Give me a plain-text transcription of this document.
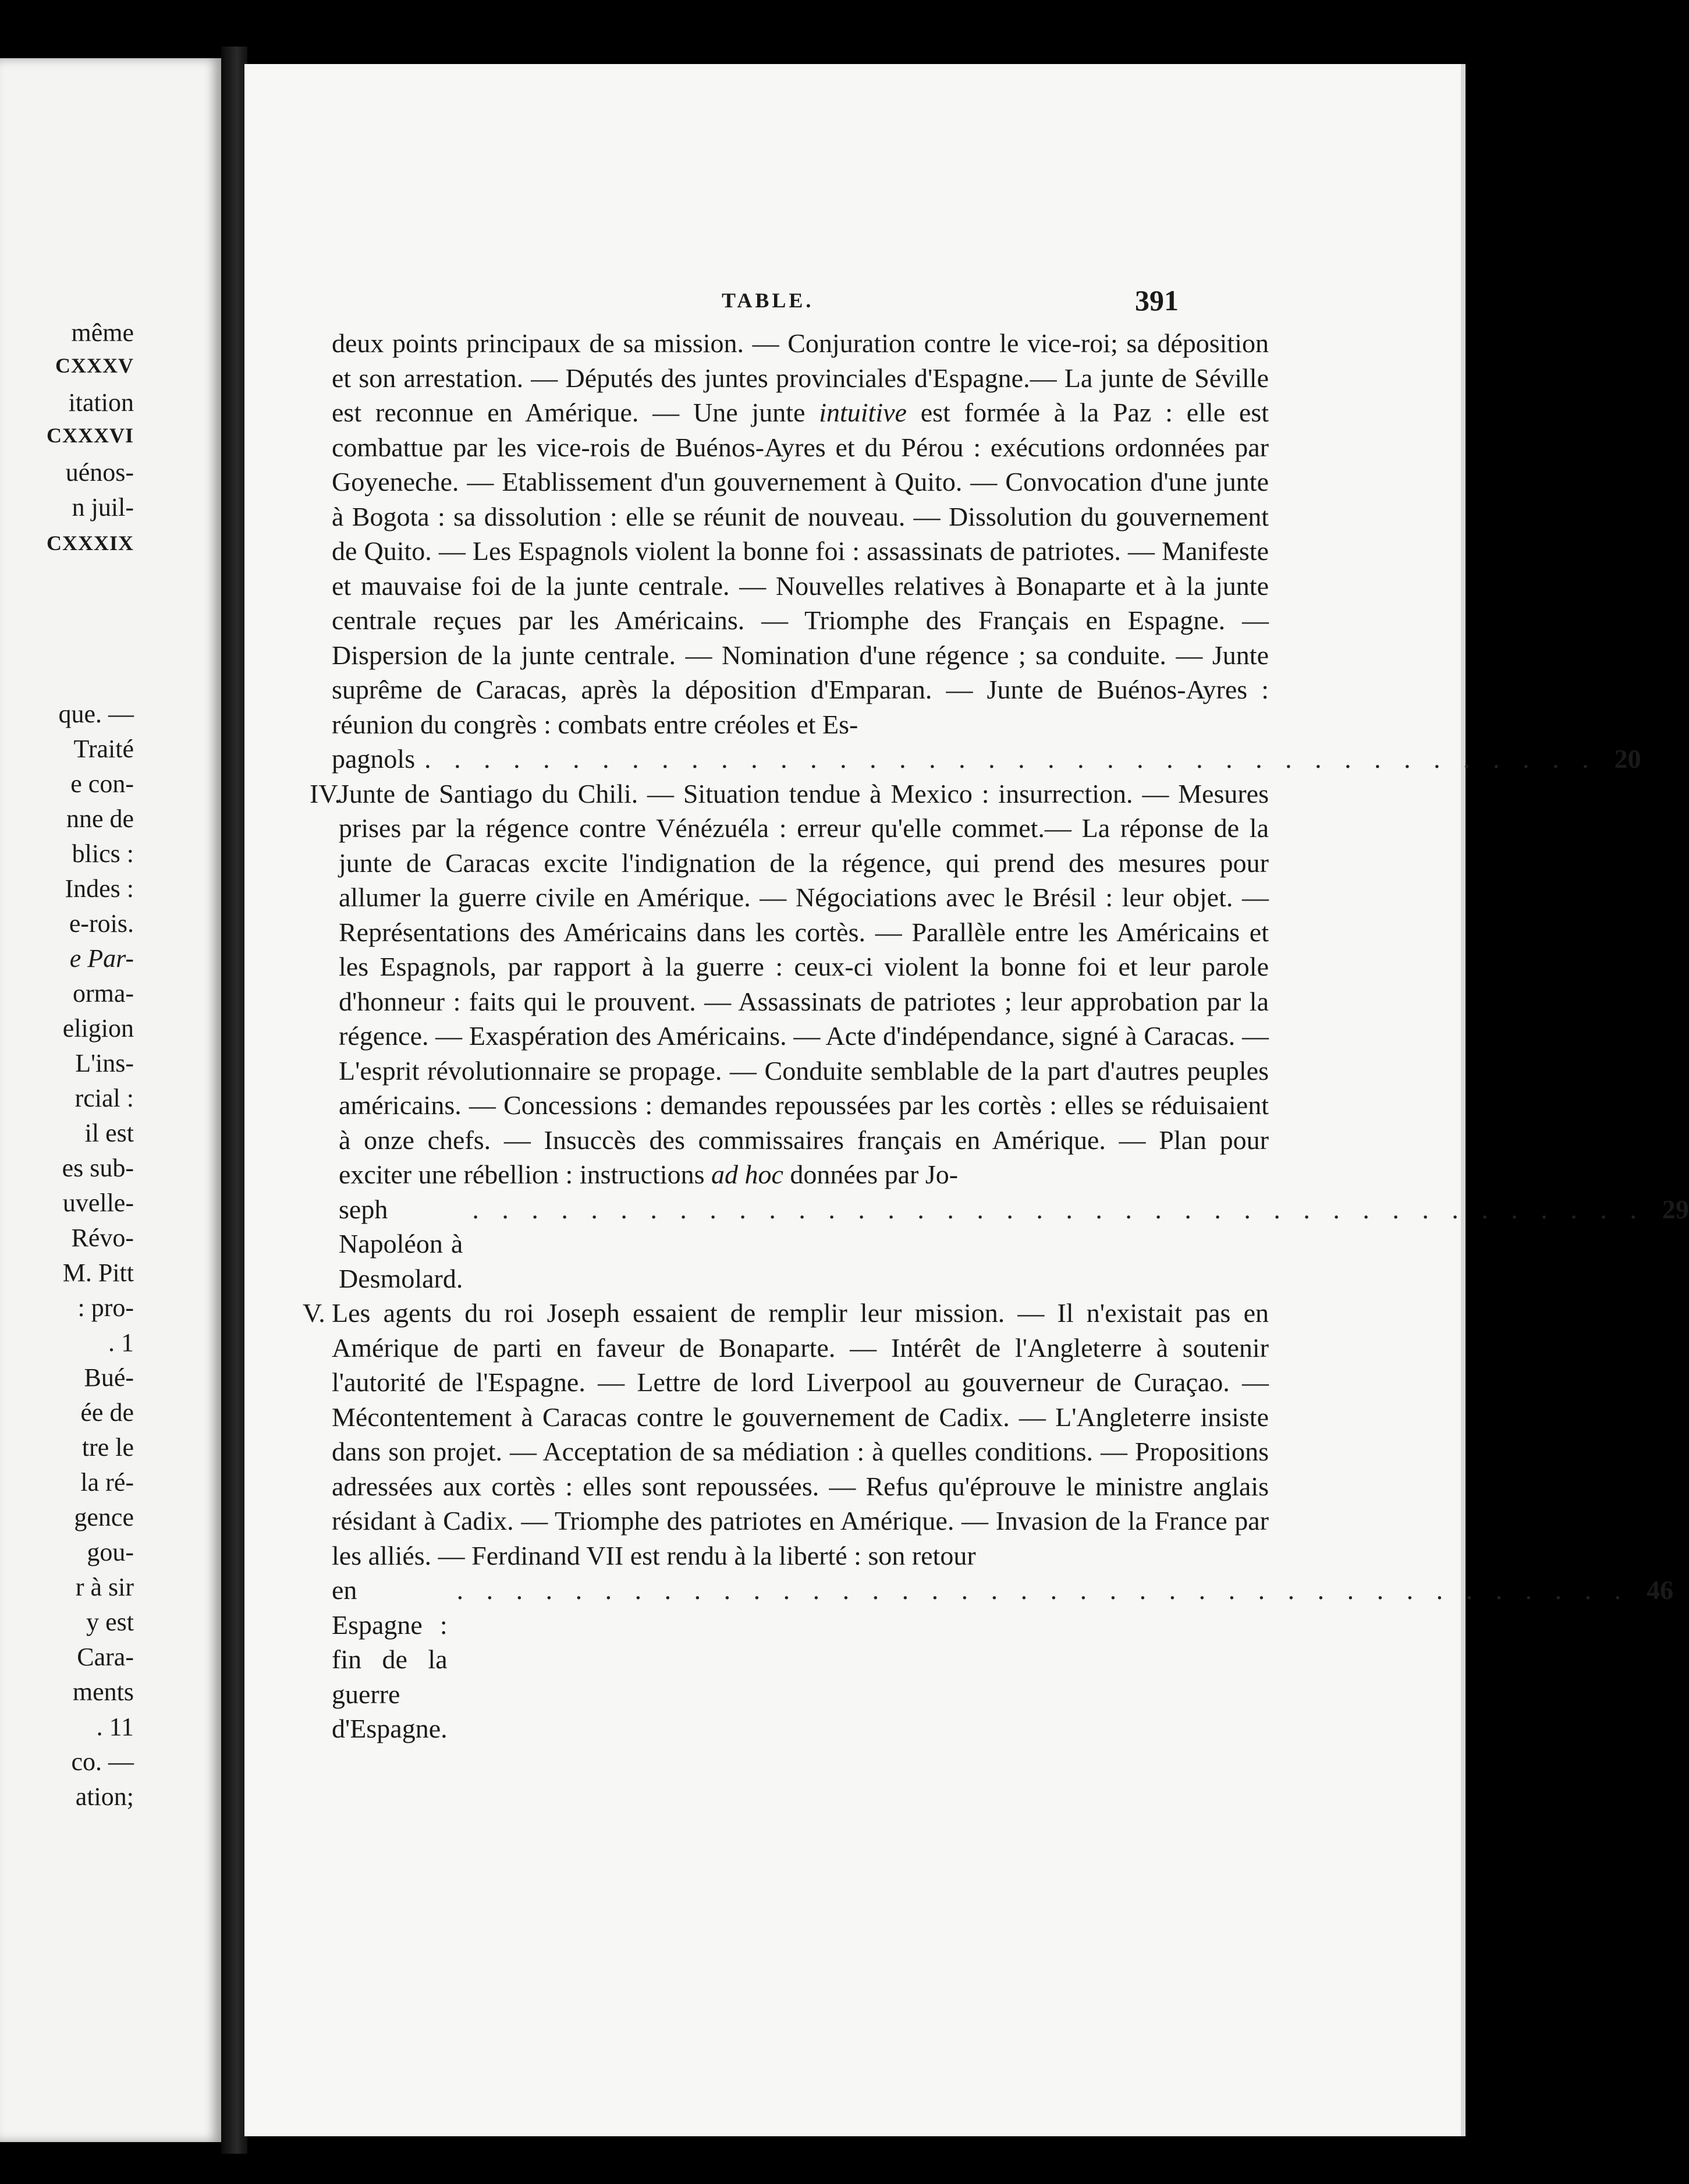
même
CXXXV
itation
CXXXVI
uénos-
n juil-
CXXXIX
que. —
Traité
e con-
nne de
blics :
Indes :
e-rois.
e Par-
orma-
eligion
L'ins-
rcial :
il est
es sub-
uvelle-
Révo-
M. Pitt
: pro-
. 1
Bué-
ée de
tre le
la ré-
gence
gou-
r à sir
y est
Cara-
ments
. 11
co. —
ation;
TABLE.	391
deux points principaux de sa mission. — Conjuration contre le vice-roi; sa déposition et son arrestation. — Députés des juntes provinciales d'Espagne.— La junte de Séville est reconnue en Amérique. — Une junte intuitive est formée à la Paz : elle est combattue par les vice-rois de Buénos-Ayres et du Pérou : exécutions ordonnées par Goyeneche. — Etablissement d'un gouvernement à Quito. — Convocation d'une junte à Bogota : sa dissolution : elle se réunit de nouveau. — Dissolution du gouvernement de Quito. — Les Espagnols violent la bonne foi : assassinats de patriotes. — Manifeste et mauvaise foi de la junte centrale. — Nouvelles relatives à Bonaparte et à la junte centrale reçues par les Américains. — Triomphe des Français en Espagne. — Dispersion de la junte centrale. — Nomination d'une régence ; sa conduite. — Junte suprême de Caracas, après la déposition d'Emparan. — Junte de Buénos-Ayres : réunion du congrès : combats entre créoles et Es-
pagnols . . . . . . . . . . . . . . . . . . . . . . . . . . . . . . . . . . . . . . . . 20
IV.
Junte de Santiago du Chili. — Situation tendue à Mexico : insurrection. — Mesures prises par la régence contre Vénézuéla : erreur qu'elle commet.— La réponse de la junte de Caracas excite l'indignation de la régence, qui prend des mesures pour allumer la guerre civile en Amérique. — Négociations avec le Brésil : leur objet. — Représentations des Américains dans les cortès. — Parallèle entre les Américains et les Espagnols, par rapport à la guerre : ceux-ci violent la bonne foi et leur parole d'honneur : faits qui le prouvent. — Assassinats de patriotes ; leur approbation par la régence. — Exaspération des Américains. — Acte d'indépendance, signé à Caracas. — L'esprit révolutionnaire se propage. — Conduite semblable de la part d'autres peuples américains. — Concessions : demandes repoussées par les cortès : elles se réduisaient à onze chefs. — Insuccès des commissaires français en Amérique. — Plan pour exciter une rébellion : instructions ad hoc données par Jo-
seph Napoléon à Desmolard.
. . . . . . . . . . . . . . . . . . . . . . . . . . . . . . . . . . . . . . . . 29
V. Les agents du roi Joseph essaient de remplir leur mission. — Il n'existait pas en Amérique de parti en faveur de Bonaparte. — Intérêt de l'Angleterre à soutenir l'autorité de l'Espagne. — Lettre de lord Liverpool au gouverneur de Curaçao. — Mécontentement à Caracas contre le gouvernement de Cadix. — L'Angleterre insiste dans son projet. — Acceptation de sa médiation : à quelles conditions. — Propositions adressées aux cortès : elles sont repoussées. — Refus qu'éprouve le ministre anglais résidant à Cadix. — Triomphe des patriotes en Amérique. — Invasion de la France par les alliés. — Ferdinand VII est rendu à la liberté : son retour
en Espagne : fin de la guerre d'Espagne.
. . . . . . . . . . . . . . . . . . . . . . . . . . . . . . . . . . . . . . . . 46
